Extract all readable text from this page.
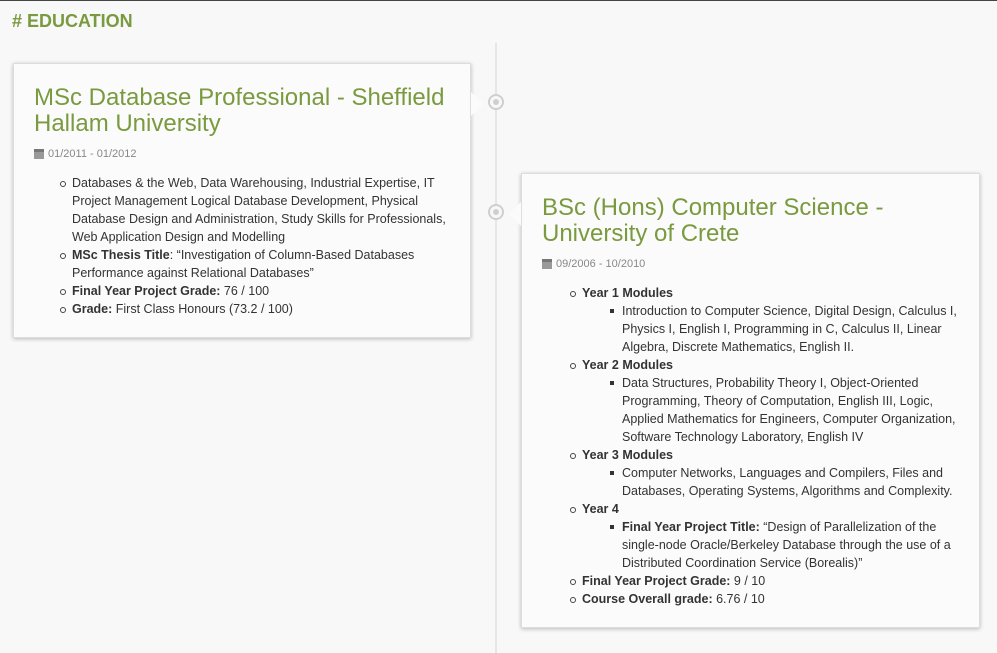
# EDUCATION
MSc Database Professional - Sheffield Hallam University
01/2011 - 01/2012
Databases & the Web, Data Warehousing, Industrial Expertise, IT Project Management Logical Database Development, Physical Database Design and Administration, Study Skills for Professionals, Web Application Design and Modelling
MSc Thesis Title: “Investigation of Column-Based Databases Performance against Relational Databases”
Final Year Project Grade: 76 / 100
Grade: First Class Honours (73.2 / 100)
BSc (Hons) Computer Science - University of Crete
09/2006 - 10/2010
Year 1 Modules
Introduction to Computer Science, Digital Design, Calculus I, Physics I, English I, Programming in C, Calculus II, Linear Algebra, Discrete Mathematics, English II.
Year 2 Modules
Data Structures, Probability Theory I, Object-Oriented Programming, Theory of Computation, English III, Logic, Applied Mathematics for Engineers, Computer Organization, Software Technology Laboratory, English IV
Year 3 Modules
Computer Networks, Languages and Compilers, Files and Databases, Operating Systems, Algorithms and Complexity.
Year 4
Final Year Project Title: “Design of Parallelization of the single-node Oracle/Berkeley Database through the use of a Distributed Coordination Service (Borealis)”
Final Year Project Grade: 9 / 10
Course Overall grade: 6.76 / 10
